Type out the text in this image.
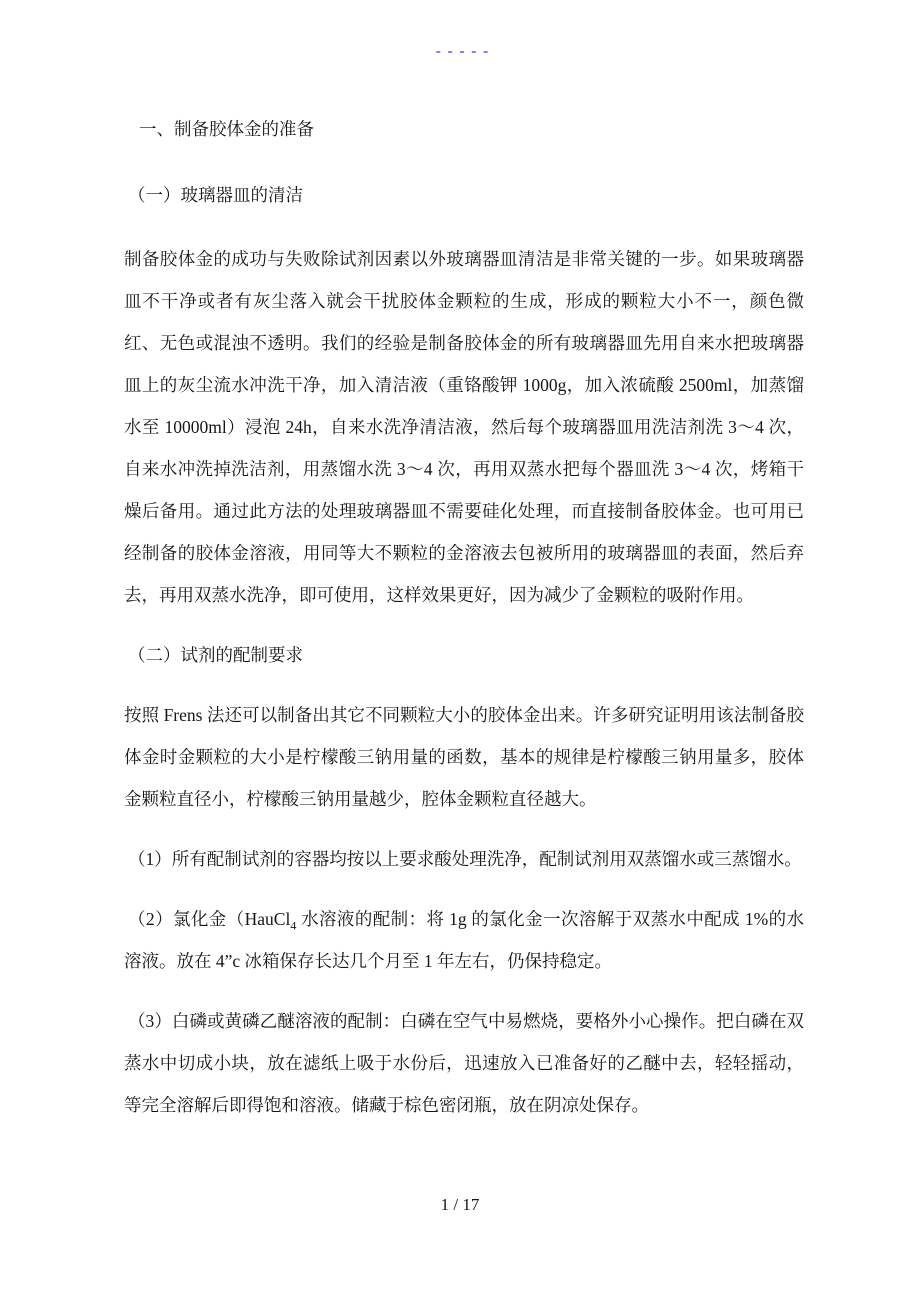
-----
一、制备胶体金的准备
（一）玻璃器皿的清洁

制备胶体金的成功与失败除试剂因素以外玻璃器皿清洁是非常关键的一步。如果玻璃器皿不干净或者有灰尘落入就会干扰胶体金颗粒的生成，形成的颗粒大小不一，颜色微红、无色或混浊不透明。我们的经验是制备胶体金的所有玻璃器皿先用自来水把玻璃器皿上的灰尘流水冲洗干净，加入清洁液（重铬酸钾 1000g，加入浓硫酸 2500ml，加蒸馏水至 10000ml）浸泡 24h，自来水洗净清洁液，然后每个玻璃器皿用洗洁剂洗 3～4 次，自来水冲洗掉洗洁剂，用蒸馏水洗 3～4 次，再用双蒸水把每个器皿洗 3～4 次，烤箱干燥后备用。通过此方法的处理玻璃器皿不需要硅化处理，而直接制备胶体金。也可用已经制备的胶体金溶液，用同等大不颗粒的金溶液去包被所用的玻璃器皿的表面，然后弃去，再用双蒸水洗净，即可使用，这样效果更好，因为减少了金颗粒的吸附作用。

（二）试剂的配制要求

按照 Frens 法还可以制备出其它不同颗粒大小的胶体金出来。许多研究证明用该法制备胶体金时金颗粒的大小是柠檬酸三钠用量的函数，基本的规律是柠檬酸三钠用量多，胶体金颗粒直径小，柠檬酸三钠用量越少，腔体金颗粒直径越大。

（1）所有配制试剂的容器均按以上要求酸处理洗净，配制试剂用双蒸馏水或三蒸馏水。

（2）氯化金（HauCl$_4$ 水溶液的配制：将 1g 的氯化金一次溶解于双蒸水中配成 1%的水溶液。放在 4”c 冰箱保存长达几个月至 1 年左右，仍保持稳定。

（3）白磷或黄磷乙醚溶液的配制：白磷在空气中易燃烧，要格外小心操作。把白磷在双蒸水中切成小块，放在滤纸上吸于水份后，迅速放入已准备好的乙醚中去，轻轻摇动，等完全溶解后即得饱和溶液。储藏于棕色密闭瓶，放在阴凉处保存。

1 / 17
